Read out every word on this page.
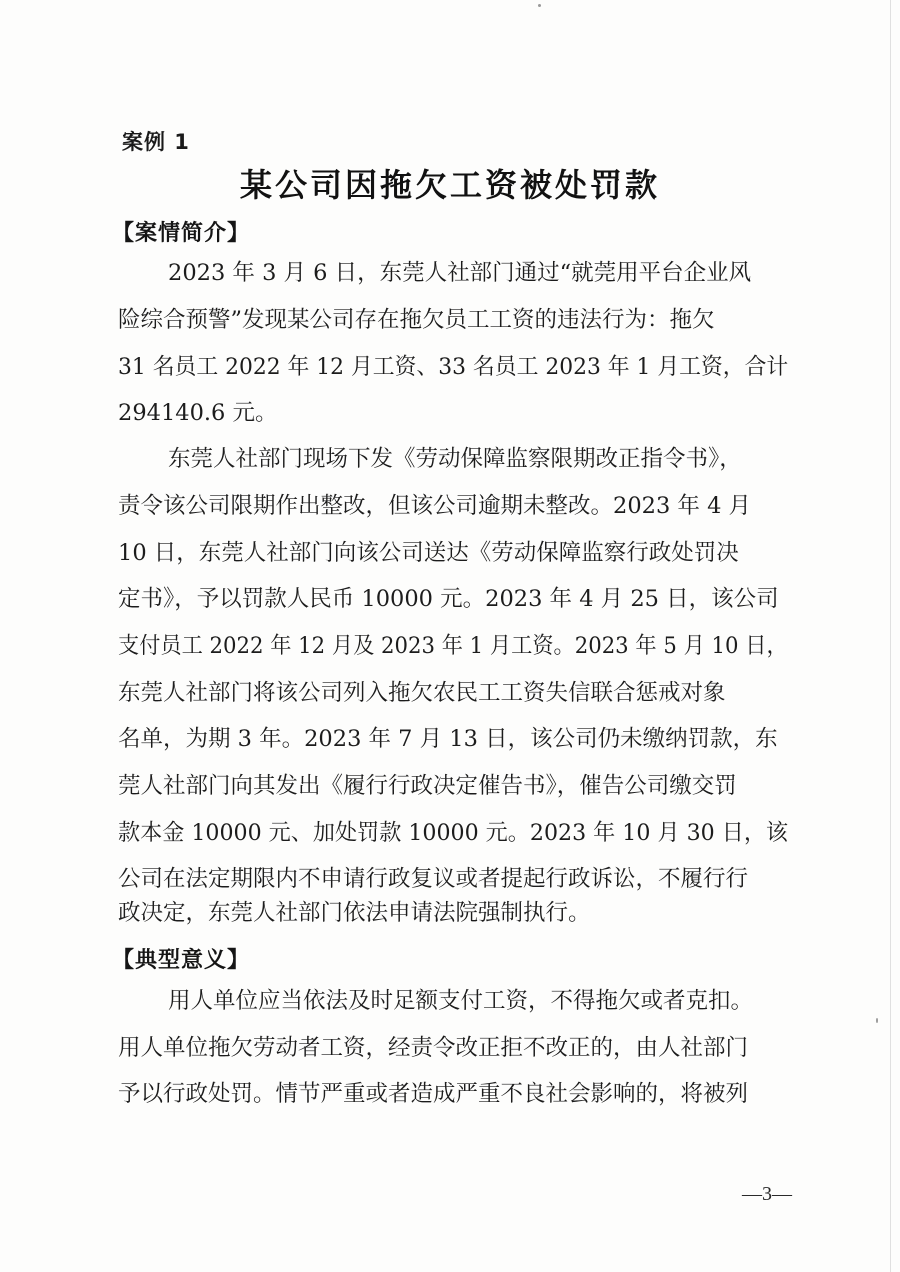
案例 1
某公司因拖欠工资被处罚款
【案情简介】
2023 年 3 月 6 日，东莞人社部门通过“就莞用平台企业风
险综合预警”发现某公司存在拖欠员工工资的违法行为：拖欠
31 名员工 2022 年 12 月工资、33 名员工 2023 年 1 月工资，合计
294140.6 元。
东莞人社部门现场下发《劳动保障监察限期改正指令书》，
责令该公司限期作出整改，但该公司逾期未整改。2023 年 4 月
10 日，东莞人社部门向该公司送达《劳动保障监察行政处罚决
定书》，予以罚款人民币 10000 元。2023 年 4 月 25 日，该公司
支付员工 2022 年 12 月及 2023 年 1 月工资。2023 年 5 月 10 日，
东莞人社部门将该公司列入拖欠农民工工资失信联合惩戒对象
名单，为期 3 年。2023 年 7 月 13 日，该公司仍未缴纳罚款，东
莞人社部门向其发出《履行行政决定催告书》，催告公司缴交罚
款本金 10000 元、加处罚款 10000 元。2023 年 10 月 30 日，该
公司在法定期限内不申请行政复议或者提起行政诉讼，不履行行
政决定，东莞人社部门依法申请法院强制执行。
【典型意义】
用人单位应当依法及时足额支付工资，不得拖欠或者克扣。
用人单位拖欠劳动者工资，经责令改正拒不改正的，由人社部门
予以行政处罚。情节严重或者造成严重不良社会影响的，将被列
—3—
